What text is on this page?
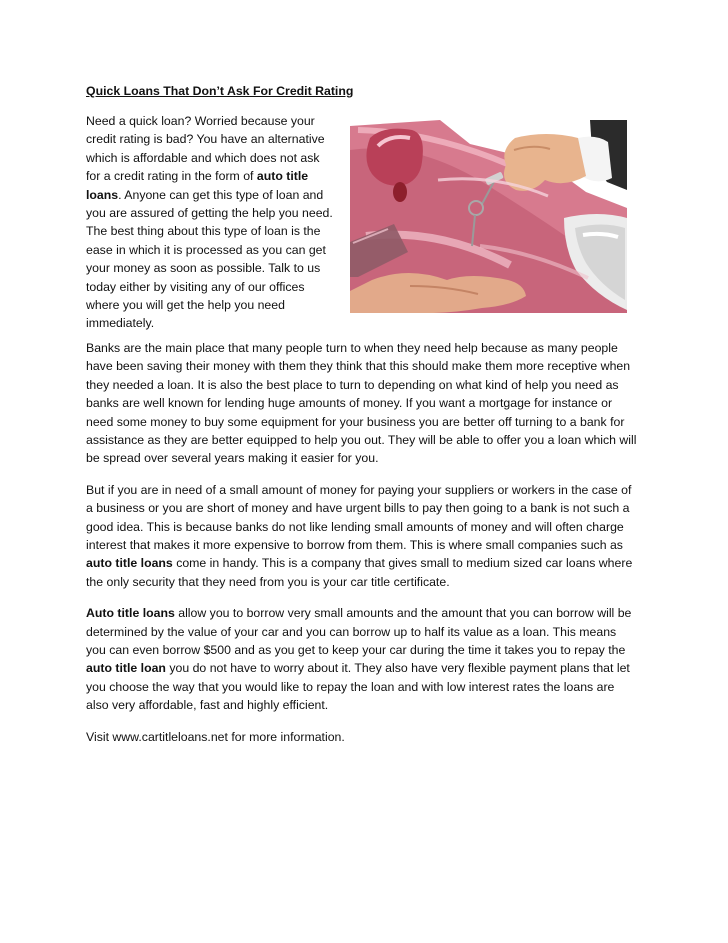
Quick Loans That Don’t Ask For Credit Rating
Need a quick loan? Worried because your credit rating is bad? You have an alternative which is affordable and which does not ask for a credit rating in the form of auto title loans. Anyone can get this type of loan and you are assured of getting the help you need. The best thing about this type of loan is the ease in which it is processed as you can get your money as soon as possible. Talk to us today either by visiting any of our offices where you will get the help you need immediately.

Banks are the main place that many people turn to when they need help because as many people have been saving their money with them they think that this should make them more receptive when they needed a loan. It is also the best place to turn to depending on what kind of help you need as banks are well known for lending huge amounts of money. If you want a mortgage for instance or need some money to buy some equipment for your business you are better off turning to a bank for assistance as they are better equipped to help you out. They will be able to offer you a loan which will be spread over several years making it easier for you.

But if you are in need of a small amount of money for paying your suppliers or workers in the case of a business or you are short of money and have urgent bills to pay then going to a bank is not such a good idea. This is because banks do not like lending small amounts of money and will often charge interest that makes it more expensive to borrow from them. This is where small companies such as auto title loans come in handy. This is a company that gives small to medium sized car loans where the only security that they need from you is your car title certificate.

Auto title loans allow you to borrow very small amounts and the amount that you can borrow will be determined by the value of your car and you can borrow up to half its value as a loan. This means you can even borrow $500 and as you get to keep your car during the time it takes you to repay the auto title loan you do not have to worry about it. They also have very flexible payment plans that let you choose the way that you would like to repay the loan and with low interest rates the loans are also very affordable, fast and highly efficient.

Visit www.cartitleloans.net for more information.
